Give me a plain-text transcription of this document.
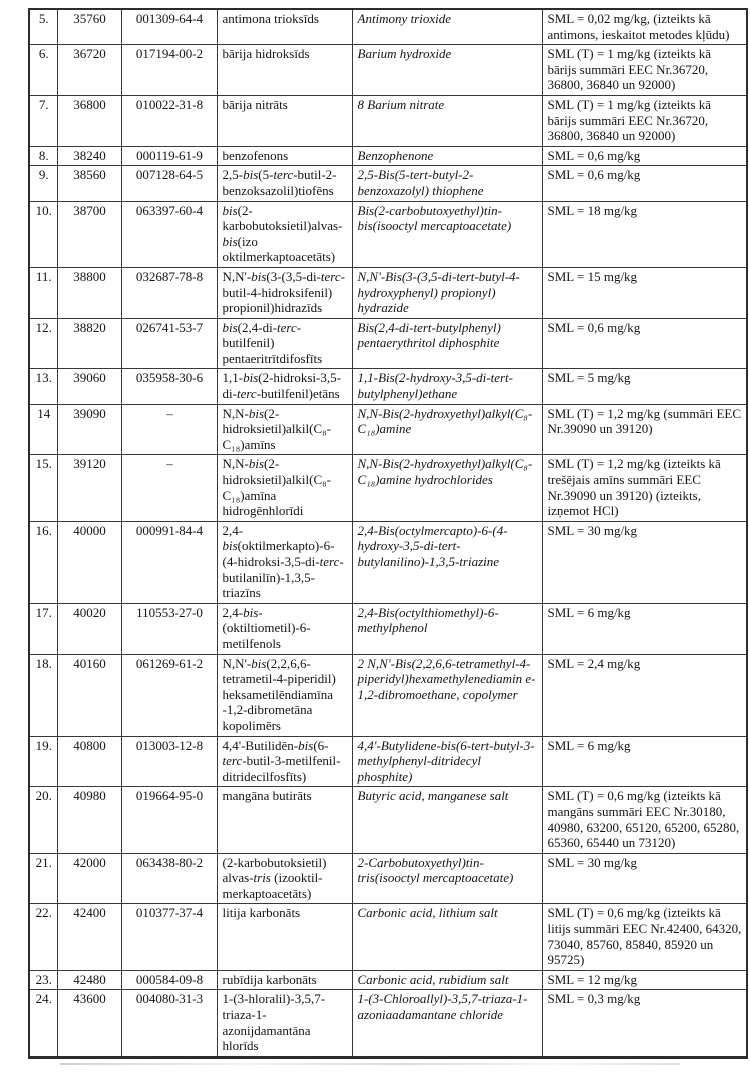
5.	35760	001309-64-4	antimona trioksīds	Antimony trioxide	SML = 0,02 mg/kg, (izteikts kā antimons, ieskaitot metodes kļūdu)
6.	36720	017194-00-2	bārija hidroksīds	Barium hydroxide	SML (T) = 1 mg/kg (izteikts kā bārijs summāri EEC Nr.36720, 36800, 36840 un 92000)
7.	36800	010022-31-8	bārija nitrāts	8 Barium nitrate	SML (T) = 1 mg/kg (izteikts kā bārijs summāri EEC Nr.36720, 36800, 36840 un 92000)
8.	38240	000119-61-9	benzofenons	Benzophenone	SML = 0,6 mg/kg
9.	38560	007128-64-5	2,5-bis(5-terc-butil-2-benzoksazolil)tiofēns	2,5-Bis(5-tert-butyl-2-benzoxazolyl) thiophene	SML = 0,6 mg/kg
10.	38700	063397-60-4	bis(2-karbobutoksietil)alvas-bis(izo oktilmerkaptoacetāts)	Bis(2-carbobutoxyethyl)tin-bis(isooctyl mercaptoacetate)	SML = 18 mg/kg
11.	38800	032687-78-8	N,N'-bis(3-(3,5-di-terc-butil-4-hidroksifenil) propionil)hidrazīds	N,N'-Bis(3-(3,5-di-tert-butyl-4-hydroxyphenyl) propionyl) hydrazide	SML = 15 mg/kg
12.	38820	026741-53-7	bis(2,4-di-terc-butilfenil) pentaeritrītdifosfīts	Bis(2,4-di-tert-butylphenyl) pentaerythritol diphosphite	SML = 0,6 mg/kg
13.	39060	035958-30-6	1,1-bis(2-hidroksi-3,5-di-terc-butilfenil)etāns	1,1-Bis(2-hydroxy-3,5-di-tert-butylphenyl)ethane	SML = 5 mg/kg
14	39090	–	N,N-bis(2-hidroksietil)alkil(C₈-C₁₈)amīns	N,N-Bis(2-hydroxyethyl)alkyl(C₈-C₁₈)amine	SML (T) = 1,2 mg/kg (summāri EEC Nr.39090 un 39120)
15.	39120	–	N,N-bis(2-hidroksietil)alkil(C₈-C₁₈)amīna hidrogēnhlorīdi	N,N-Bis(2-hydroxyethyl)alkyl(C₈-C₁₈)amine hydrochlorides	SML (T) = 1,2 mg/kg (izteikts kā trešējais amīns summāri EEC Nr.39090 un 39120) (izteikts, izņemot HCl)
16.	40000	000991-84-4	2,4-bis(oktilmerkapto)-6-(4-hidroksi-3,5-di-terc-butilanilīn)-1,3,5-triazīns	2,4-Bis(octylmercapto)-6-(4-hydroxy-3,5-di-tert-butylanilino)-1,3,5-triazine	SML = 30 mg/kg
17.	40020	110553-27-0	2,4-bis-(oktiltiometil)-6-metilfenols	2,4-Bis(octylthiomethyl)-6-methylphenol	SML = 6 mg/kg
18.	40160	061269-61-2	N,N'-bis(2,2,6,6-tetrametil-4-piperidil) heksametilēndiamīna -1,2-dibrometāna kopolimērs	2 N,N'-Bis(2,2,6,6-tetramethyl-4-piperidyl)hexamethylenediamin e-1,2-dibromoethane, copolymer	SML = 2,4 mg/kg
19.	40800	013003-12-8	4,4'-Butilidēn-bis(6-terc-butil-3-metilfenil-ditridecilfosfīts)	4,4'-Butylidene-bis(6-tert-butyl-3-methylphenyl-ditridecyl phosphite)	SML = 6 mg/kg
20.	40980	019664-95-0	mangāna butirāts	Butyric acid, manganese salt	SML (T) = 0,6 mg/kg (izteikts kā mangāns summāri EEC Nr.30180, 40980, 63200, 65120, 65200, 65280, 65360, 65440 un 73120)
21.	42000	063438-80-2	(2-karbobutoksietil) alvas-tris (izooktil-merkaptoacetāts)	2-Carbobutoxyethyl)tin-tris(isooctyl mercaptoacetate)	SML = 30 mg/kg
22.	42400	010377-37-4	litija karbonāts	Carbonic acid, lithium salt	SML (T) = 0,6 mg/kg (izteikts kā litijs summāri EEC Nr.42400, 64320, 73040, 85760, 85840, 85920 un 95725)
23.	42480	000584-09-8	rubīdija karbonāts	Carbonic acid, rubidium salt	SML = 12 mg/kg
24.	43600	004080-31-3	1-(3-hloralil)-3,5,7-triaza-1-azonijdamantāna hlorīds	1-(3-Chloroallyl)-3,5,7-triaza-1-azoniaadamantane chloride	SML = 0,3 mg/kg
